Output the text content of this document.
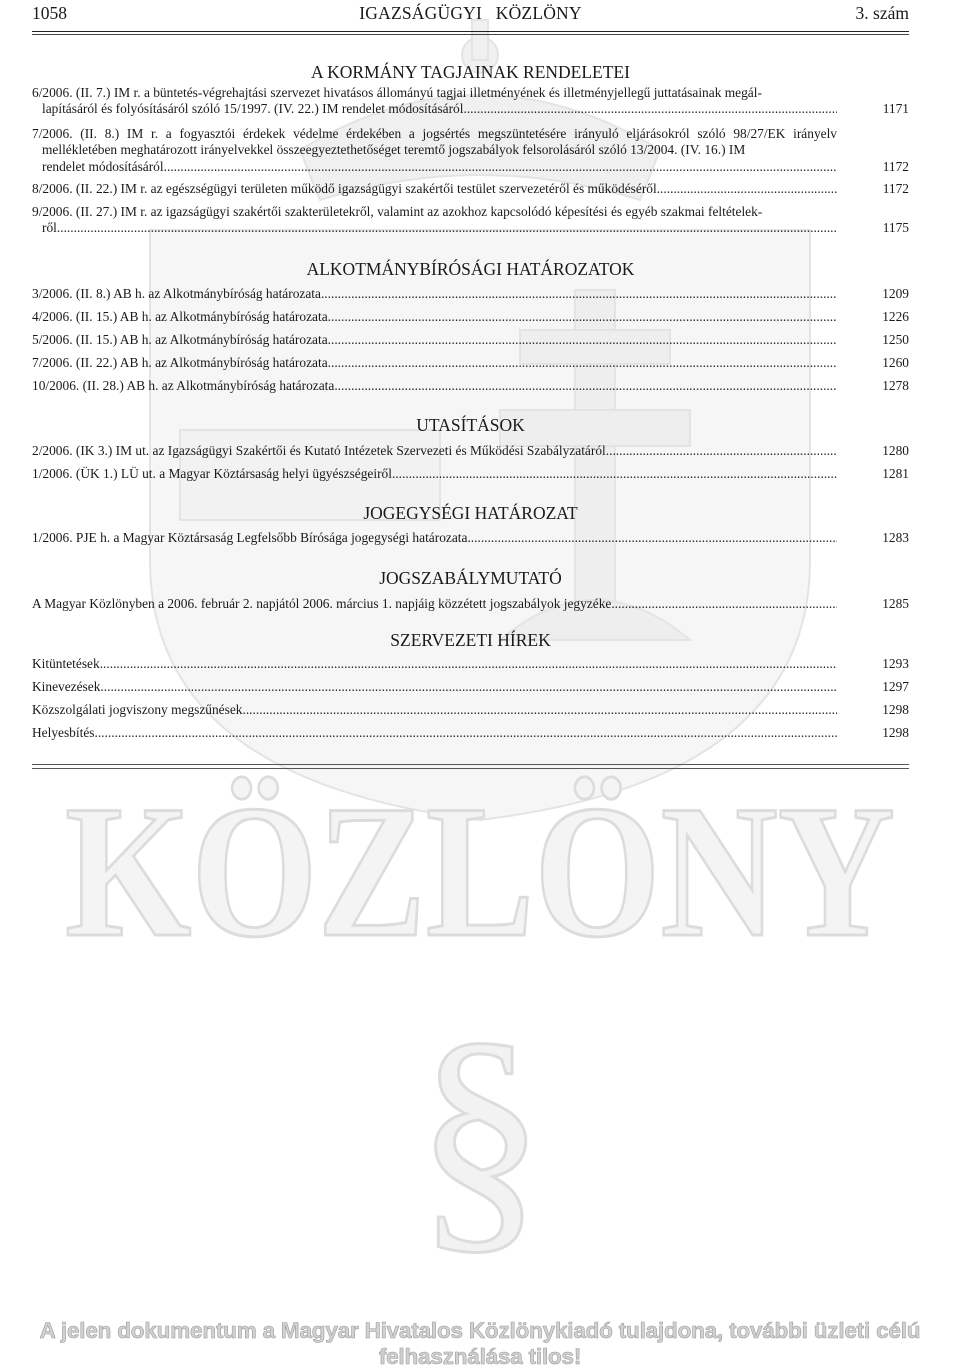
KÖZLÖNY
§
1058	IGAZSÁGÜGYI   KÖZLÖNY	3. szám
A KORMÁNY TAGJAINAK RENDELETEI
6/2006. (II. 7.) IM r. a büntetés-végrehajtási szervezet hivatásos állományú tagjai illetményének és illetményjellegű juttatásainak megál-
lapításáról és folyósításáról szóló 15/1997. (IV. 22.) IM rendelet módosításáról .....	1171
7/2006. (II. 8.) IM r. a fogyasztói érdekek védelme érdekében a jogsértés megszüntetésére irányuló eljárásokról szóló 98/27/EK irányelv mellékletében meghatározott irányelvekkel összeegyeztethetőséget teremtő jogszabályok felsorolásáról szóló 13/2004. (IV. 16.) IM
rendelet módosításáról .....	1172
8/2006. (II. 22.) IM r. az egészségügyi területen működő igazságügyi szakértői testület szervezetéről és működéséről .....	1172
9/2006. (II. 27.) IM r. az igazságügyi szakértői szakterületekről, valamint az azokhoz kapcsolódó képesítési és egyéb szakmai feltételek-
ről .....	1175
ALKOTMÁNYBÍRÓSÁGI HATÁROZATOK
3/2006. (II. 8.) AB h. az Alkotmánybíróság határozata .....	1209
4/2006. (II. 15.) AB h. az Alkotmánybíróság határozata .....	1226
5/2006. (II. 15.) AB h. az Alkotmánybíróság határozata .....	1250
7/2006. (II. 22.) AB h. az Alkotmánybíróság határozata .....	1260
10/2006. (II. 28.) AB h. az Alkotmánybíróság határozata .....	1278
UTASÍTÁSOK
2/2006. (IK 3.) IM ut. az Igazságügyi Szakértői és Kutató Intézetek Szervezeti és Működési Szabályzatáról .....	1280
1/2006. (ÜK 1.) LÜ ut. a Magyar Köztársaság helyi ügyészségeiről .....	1281
JOGEGYSÉGI HATÁROZAT
1/2006. PJE h. a Magyar Köztársaság Legfelsőbb Bírósága jogegységi határozata .....	1283
JOGSZABÁLYMUTATÓ
A Magyar Közlönyben a 2006. február 2. napjától 2006. március 1. napjáig közzétett jogszabályok jegyzéke .....	1285
SZERVEZETI HÍREK
Kitüntetések .....	1293
Kinevezések .....	1297
Közszolgálati jogviszony megszűnések .....	1298
Helyesbítés .....	1298
A jelen dokumentum a Magyar Hivatalos Közlönykiadó tulajdona, további üzleti célú felhasználása tilos!
